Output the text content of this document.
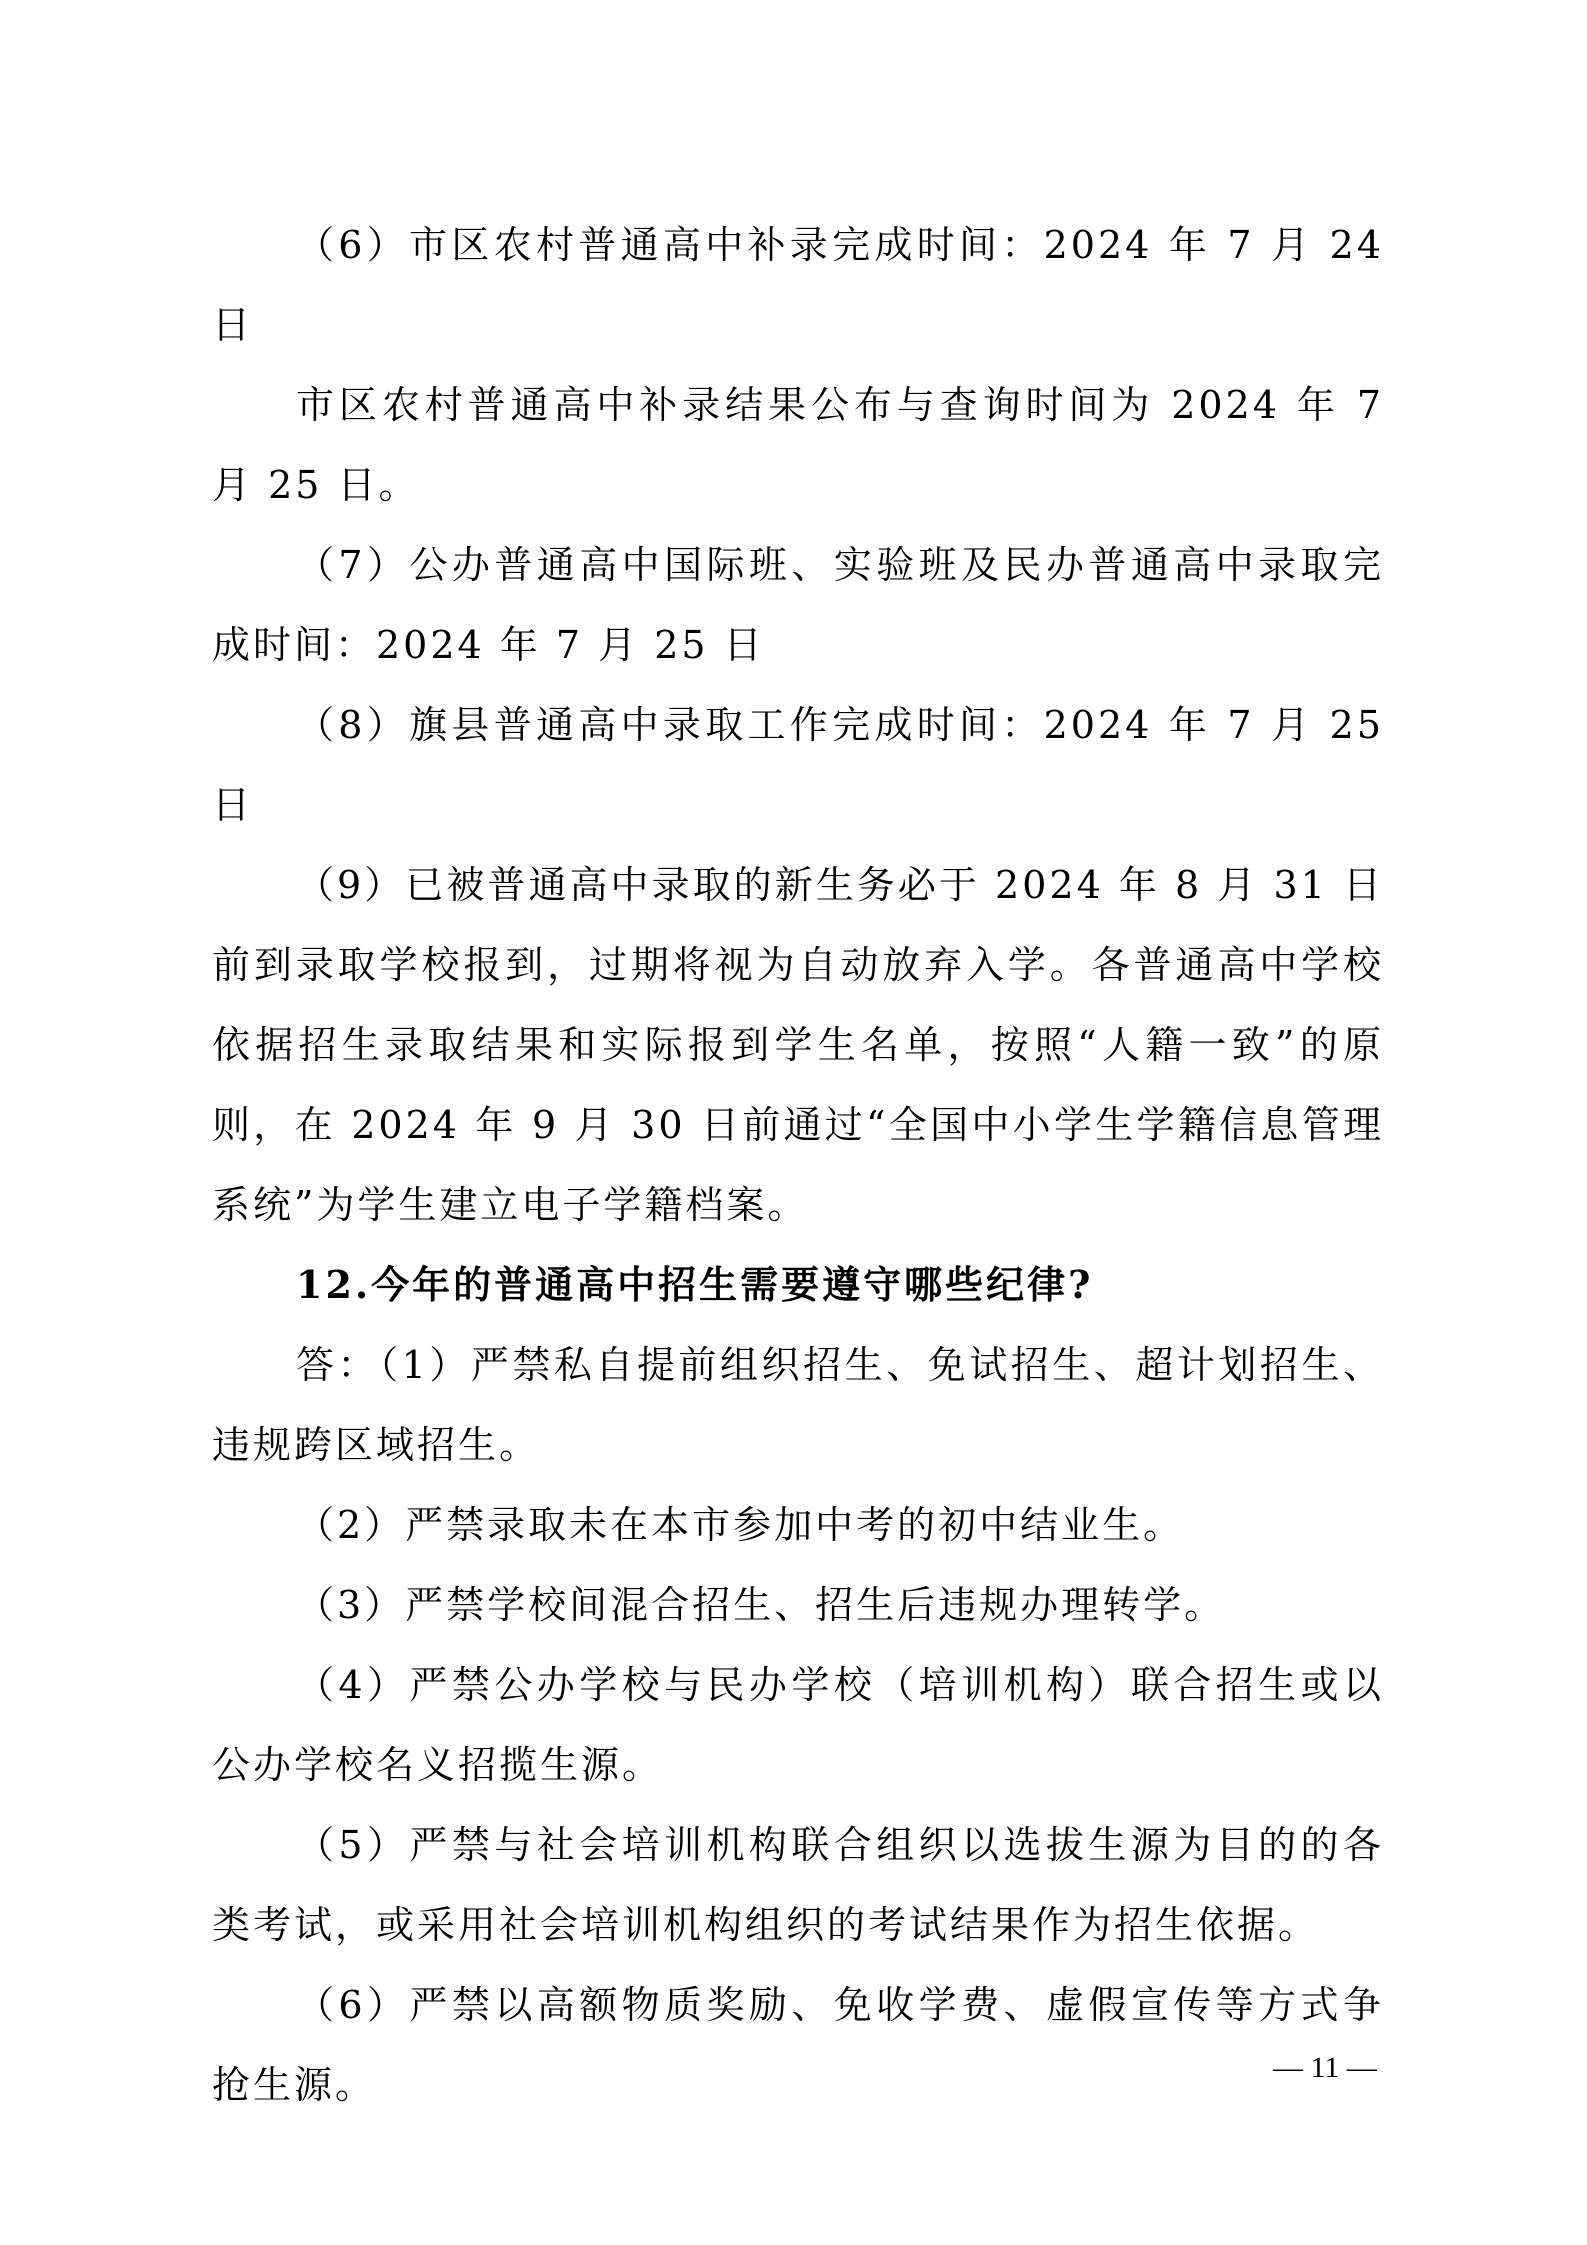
（6）市区农村普通高中补录完成时间：2024 年 7 月 24 日

市区农村普通高中补录结果公布与查询时间为 2024 年 7 月 25 日。

（7）公办普通高中国际班、实验班及民办普通高中录取完成时间：2024 年 7 月 25 日

（8）旗县普通高中录取工作完成时间：2024 年 7 月 25 日

（9）已被普通高中录取的新生务必于 2024 年 8 月 31 日前到录取学校报到，过期将视为自动放弃入学。各普通高中学校依据招生录取结果和实际报到学生名单，按照“人籍一致”的原则，在 2024 年 9 月 30 日前通过“全国中小学生学籍信息管理系统”为学生建立电子学籍档案。

12.今年的普通高中招生需要遵守哪些纪律?

答：（1）严禁私自提前组织招生、免试招生、超计划招生、违规跨区域招生。

（2）严禁录取未在本市参加中考的初中结业生。

（3）严禁学校间混合招生、招生后违规办理转学。

（4）严禁公办学校与民办学校（培训机构）联合招生或以公办学校名义招揽生源。

（5）严禁与社会培训机构联合组织以选拔生源为目的的各类考试，或采用社会培训机构组织的考试结果作为招生依据。

（6）严禁以高额物质奖励、免收学费、虚假宣传等方式争抢生源。	— 11 —
